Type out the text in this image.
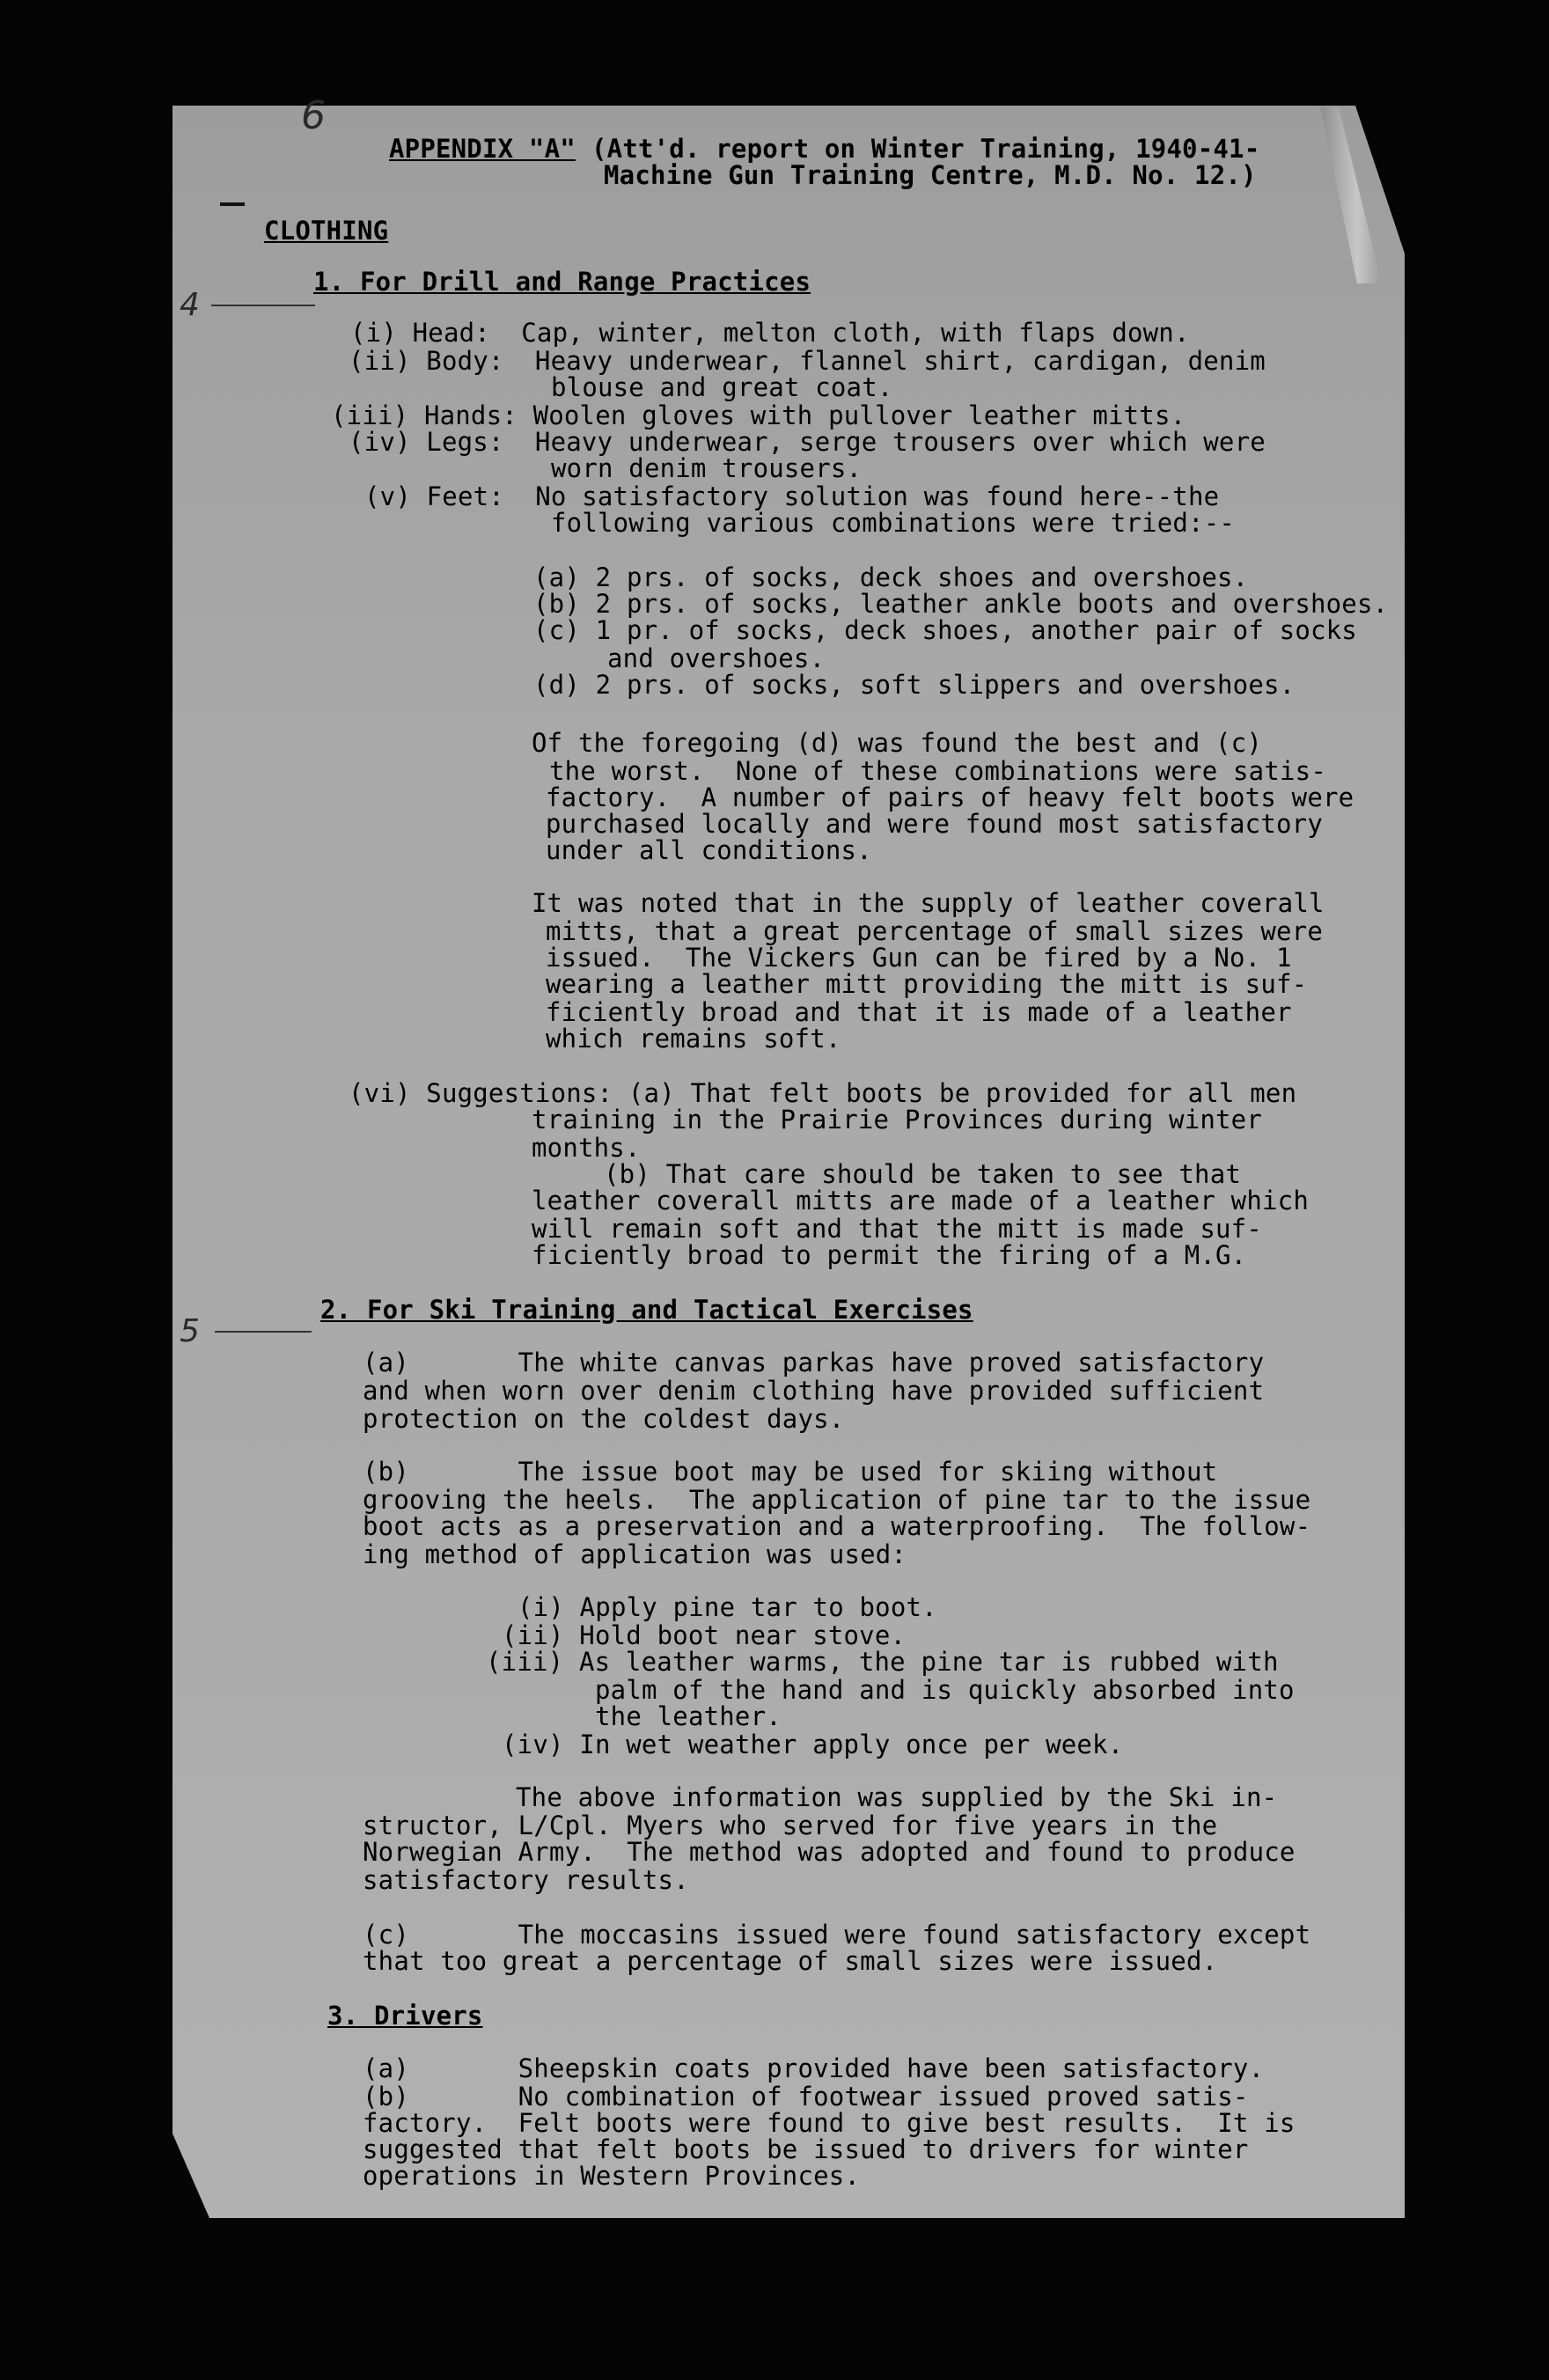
6
4
5
APPENDIX "A" (Att'd. report on Winter Training, 1940-41-
Machine Gun Training Centre, M.D. No. 12.)
CLOTHING
1. For Drill and Range Practices
(i) Head:  Cap, winter, melton cloth, with flaps down.
(ii) Body:  Heavy underwear, flannel shirt, cardigan, denim
blouse and great coat.
(iii) Hands: Woolen gloves with pullover leather mitts.
(iv) Legs:  Heavy underwear, serge trousers over which were
worn denim trousers.
(v) Feet:  No satisfactory solution was found here--the
following various combinations were tried:--
(a) 2 prs. of socks, deck shoes and overshoes.
(b) 2 prs. of socks, leather ankle boots and overshoes.
(c) 1 pr. of socks, deck shoes, another pair of socks
and overshoes.
(d) 2 prs. of socks, soft slippers and overshoes.
Of the foregoing (d) was found the best and (c)
the worst.  None of these combinations were satis-
factory.  A number of pairs of heavy felt boots were
purchased locally and were found most satisfactory
under all conditions.
It was noted that in the supply of leather coverall
mitts, that a great percentage of small sizes were
issued.  The Vickers Gun can be fired by a No. 1
wearing a leather mitt providing the mitt is suf-
ficiently broad and that it is made of a leather
which remains soft.
(vi) Suggestions: (a) That felt boots be provided for all men
training in the Prairie Provinces during winter
months.
(b) That care should be taken to see that
leather coverall mitts are made of a leather which
will remain soft and that the mitt is made suf-
ficiently broad to permit the firing of a M.G.
2. For Ski Training and Tactical Exercises
(a)       The white canvas parkas have proved satisfactory
and when worn over denim clothing have provided sufficient
protection on the coldest days.
(b)       The issue boot may be used for skiing without
grooving the heels.  The application of pine tar to the issue
boot acts as a preservation and a waterproofing.  The follow-
ing method of application was used:
(i) Apply pine tar to boot.
(ii) Hold boot near stove.
(iii) As leather warms, the pine tar is rubbed with
palm of the hand and is quickly absorbed into
the leather.
(iv) In wet weather apply once per week.
The above information was supplied by the Ski in-
structor, L/Cpl. Myers who served for five years in the
Norwegian Army.  The method was adopted and found to produce
satisfactory results.
(c)       The moccasins issued were found satisfactory except
that too great a percentage of small sizes were issued.
3. Drivers
(a)       Sheepskin coats provided have been satisfactory.
(b)       No combination of footwear issued proved satis-
factory.  Felt boots were found to give best results.  It is
suggested that felt boots be issued to drivers for winter
operations in Western Provinces.
